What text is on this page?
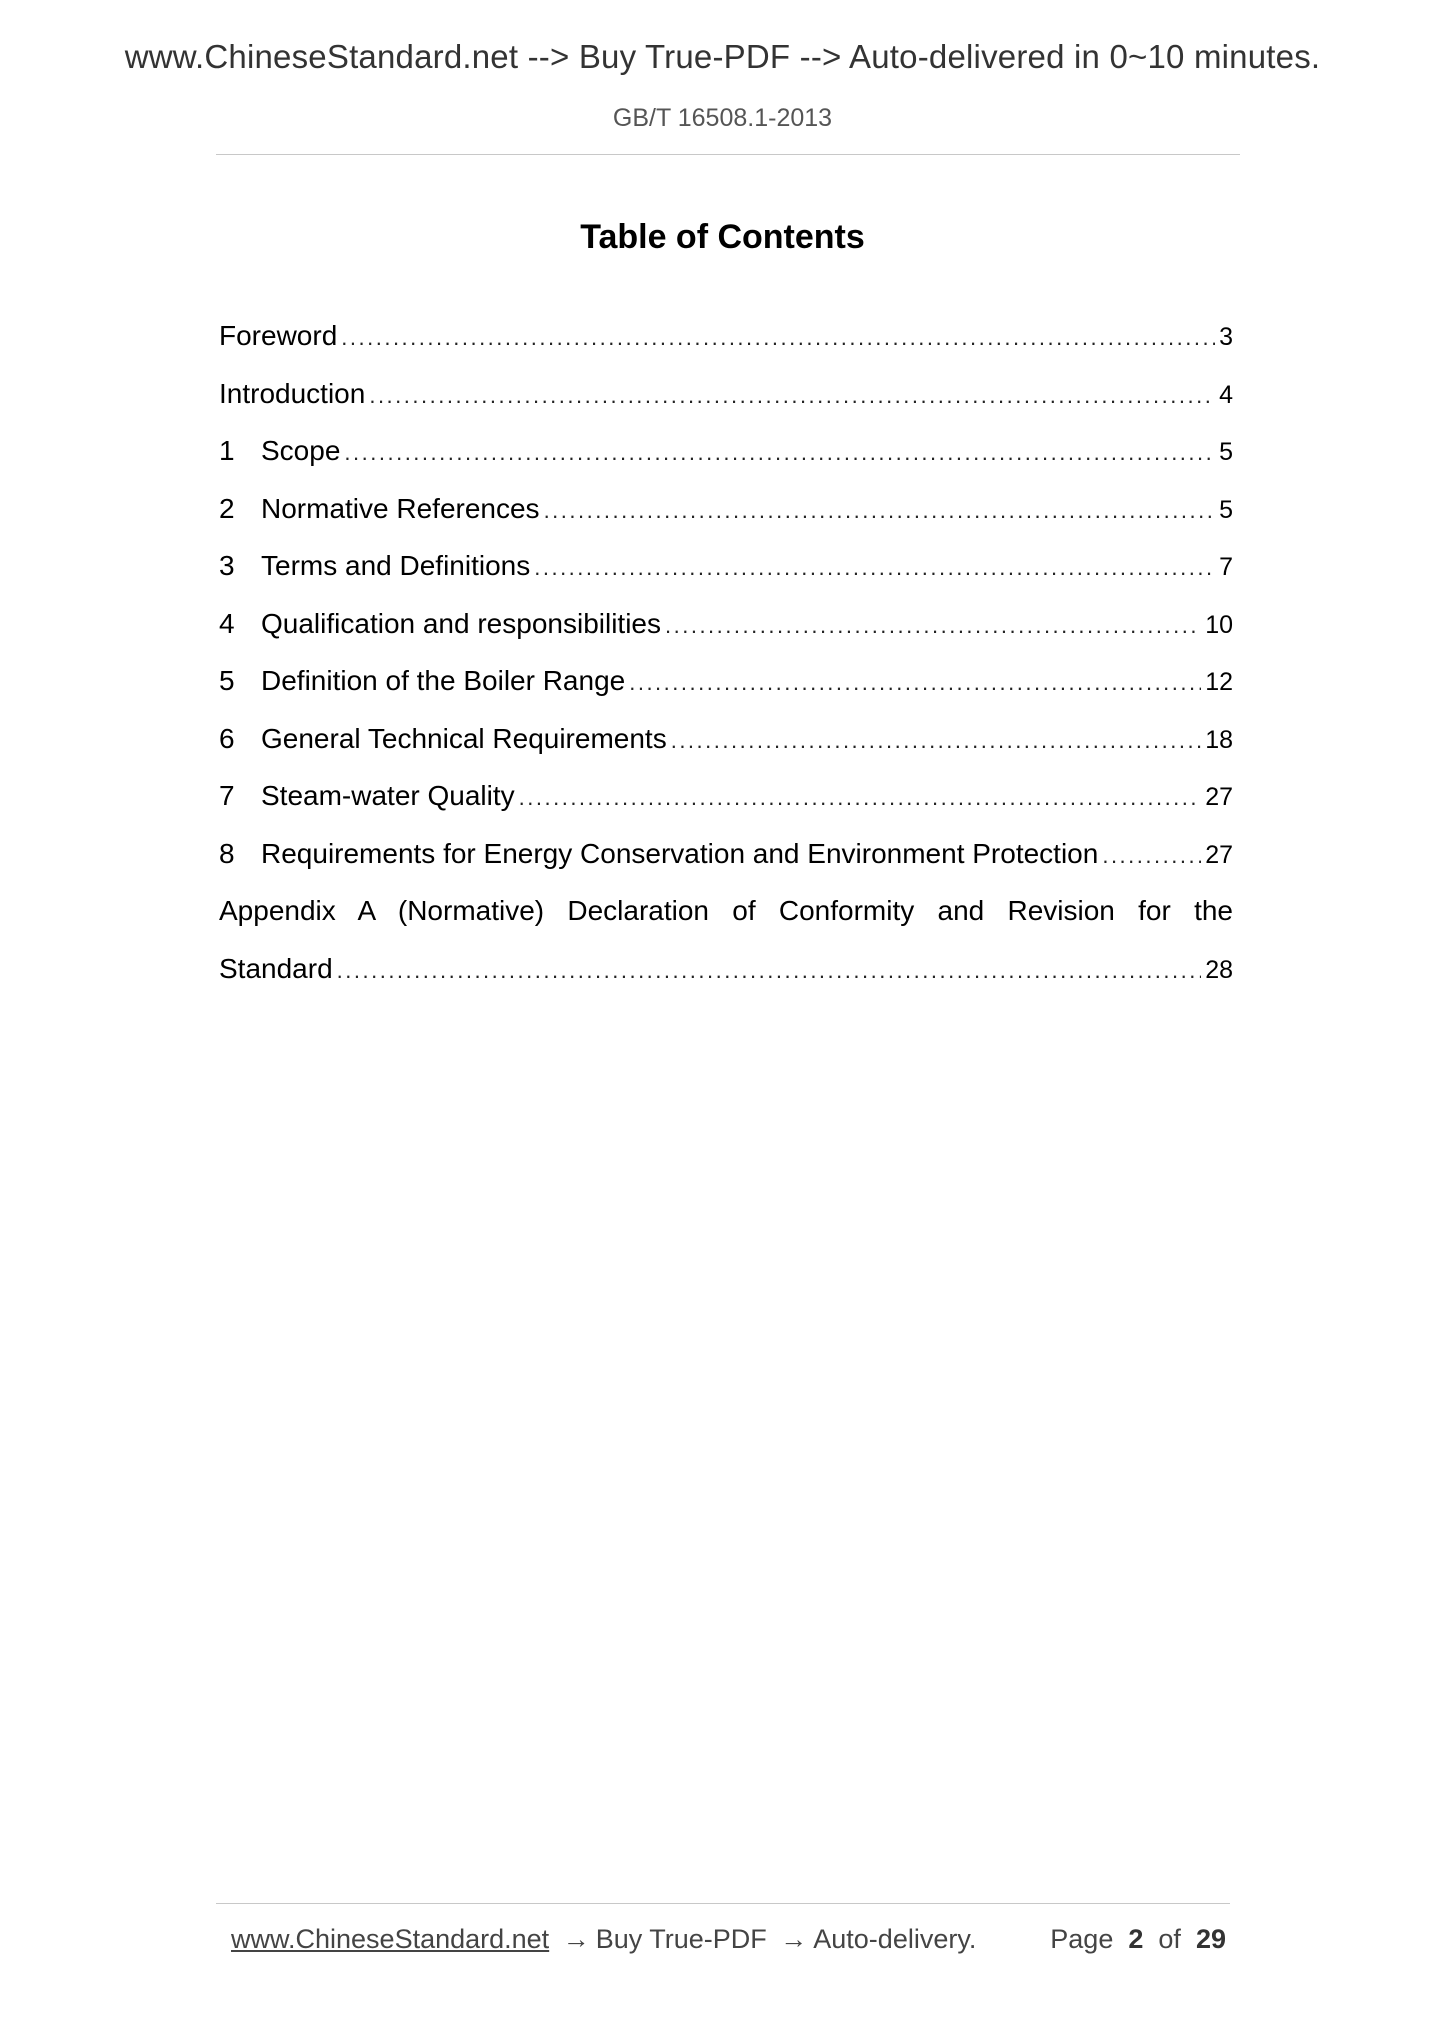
www.ChineseStandard.net --> Buy True-PDF --> Auto-delivered in 0~10 minutes.
GB/T 16508.1-2013
Table of Contents
Foreword .....	3
Introduction .....	4
1 Scope .....	5
2 Normative References .....	5
3 Terms and Definitions .....	7
4 Qualification and responsibilities .....	10
5 Definition of the Boiler Range .....	12
6 General Technical Requirements .....	18
7 Steam-water Quality .....	27
8 Requirements for Energy Conservation and Environment Protection .....	27
Appendix A (Normative) Declaration of Conformity and Revision for the
Standard .....	28
www.ChineseStandard.net → Buy True-PDF → Auto-delivery.	Page 2 of 29
